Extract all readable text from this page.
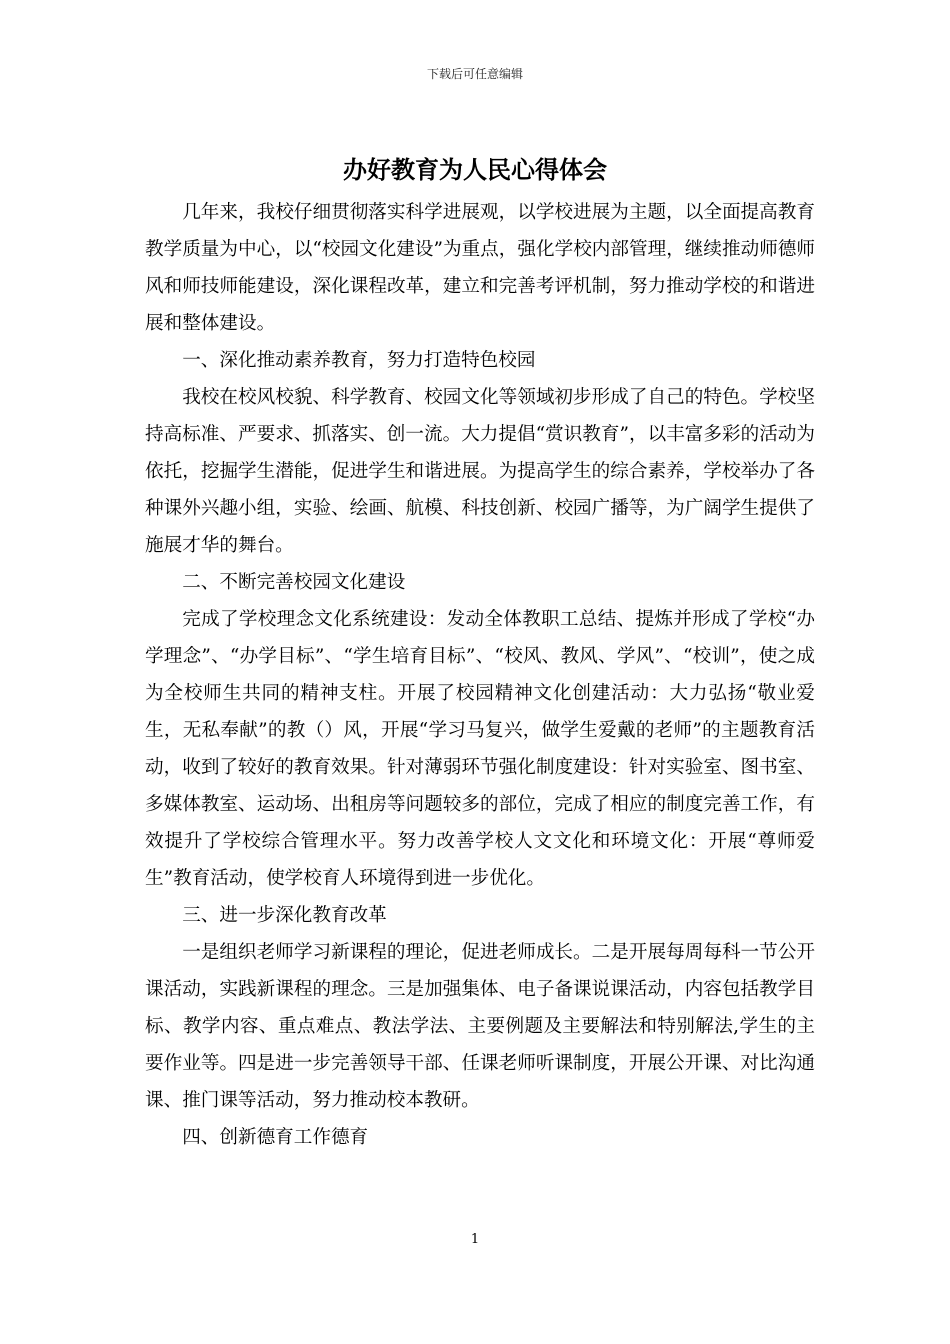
下载后可任意编辑
办好教育为人民心得体会

几年来，我校仔细贯彻落实科学进展观，以学校进展为主题，以全面提高教育教学质量为中心，以“校园文化建设”为重点，强化学校内部管理，继续推动师德师风和师技师能建设，深化课程改革，建立和完善考评机制，努力推动学校的和谐进展和整体建设。

一、深化推动素养教育，努力打造特色校园

我校在校风校貌、科学教育、校园文化等领域初步形成了自己的特色。学校坚持高标准、严要求、抓落实、创一流。大力提倡“赏识教育”，以丰富多彩的活动为依托，挖掘学生潜能，促进学生和谐进展。为提高学生的综合素养，学校举办了各种课外兴趣小组，实验、绘画、航模、科技创新、校园广播等，为广阔学生提供了施展才华的舞台。

二、不断完善校园文化建设

完成了学校理念文化系统建设：发动全体教职工总结、提炼并形成了学校“办学理念”、“办学目标”、“学生培育目标”、“校风、教风、学风”、“校训”，使之成为全校师生共同的精神支柱。开展了校园精神文化创建活动：大力弘扬“敬业爱生，无私奉献”的教（）风，开展“学习马复兴，做学生爱戴的老师”的主题教育活动，收到了较好的教育效果。针对薄弱环节强化制度建设：针对实验室、图书室、多媒体教室、运动场、出租房等问题较多的部位，完成了相应的制度完善工作，有效提升了学校综合管理水平。努力改善学校人文文化和环境文化：开展“尊师爱生”教育活动，使学校育人环境得到进一步优化。

三、进一步深化教育改革

一是组织老师学习新课程的理论，促进老师成长。二是开展每周每科一节公开课活动，实践新课程的理念。三是加强集体、电子备课说课活动，内容包括教学目标、教学内容、重点难点、教法学法、主要例题及主要解法和特别解法,学生的主要作业等。四是进一步完善领导干部、任课老师听课制度，开展公开课、对比沟通课、推门课等活动，努力推动校本教研。

四、创新德育工作德育

1
